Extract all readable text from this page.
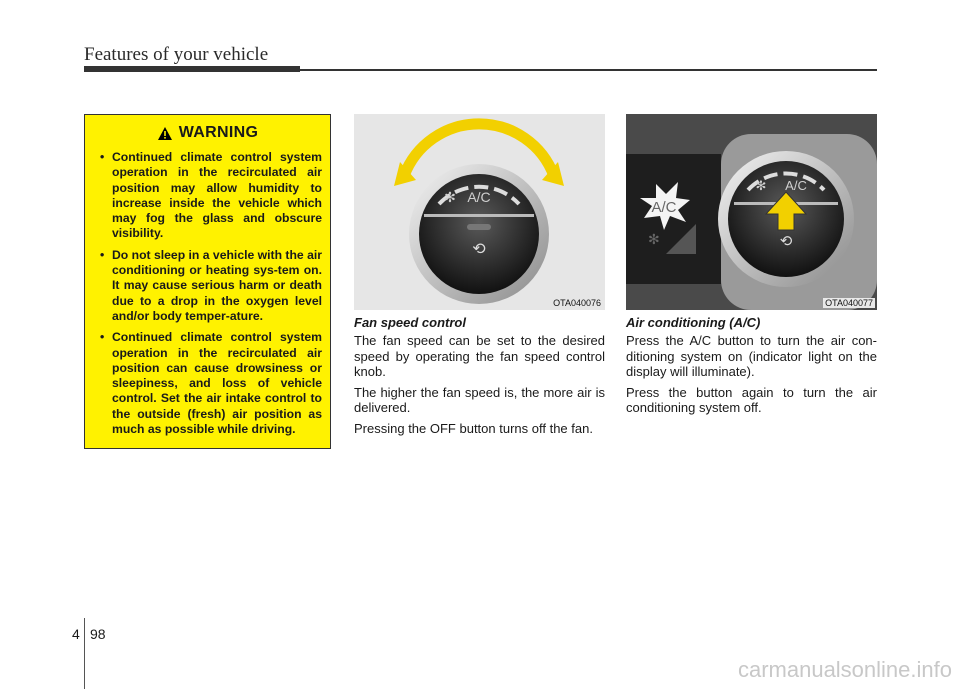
Features of your vehicle
WARNING
• Continued climate control system operation in the recirculated air position may allow humidity to increase inside the vehicle which may fog the glass and obscure visibility.
• Do not sleep in a vehicle with the air conditioning or heating sys-tem on. It may cause serious harm or death due to a drop in the oxygen level and/or body temper-ature.
• Continued climate control system operation in the recirculated air position can cause drowsiness or sleepiness, and loss of vehicle control. Set the air intake control to the outside (fresh) air position as much as possible while driving.
A/C
✻
⟲
OTA040076
A/C
✻
A/C
✻
⟲
OTA040077
Fan speed control

The fan speed can be set to the desired speed by operating the fan speed control knob.

The higher the fan speed is, the more air is delivered.

Pressing the OFF button turns off the fan.

Air conditioning (A/C)

Press the A/C button to turn the air con-ditioning system on (indicator light on the display will illuminate).

Press the button again to turn the air conditioning system off.

4 98
carmanualsonline.info
